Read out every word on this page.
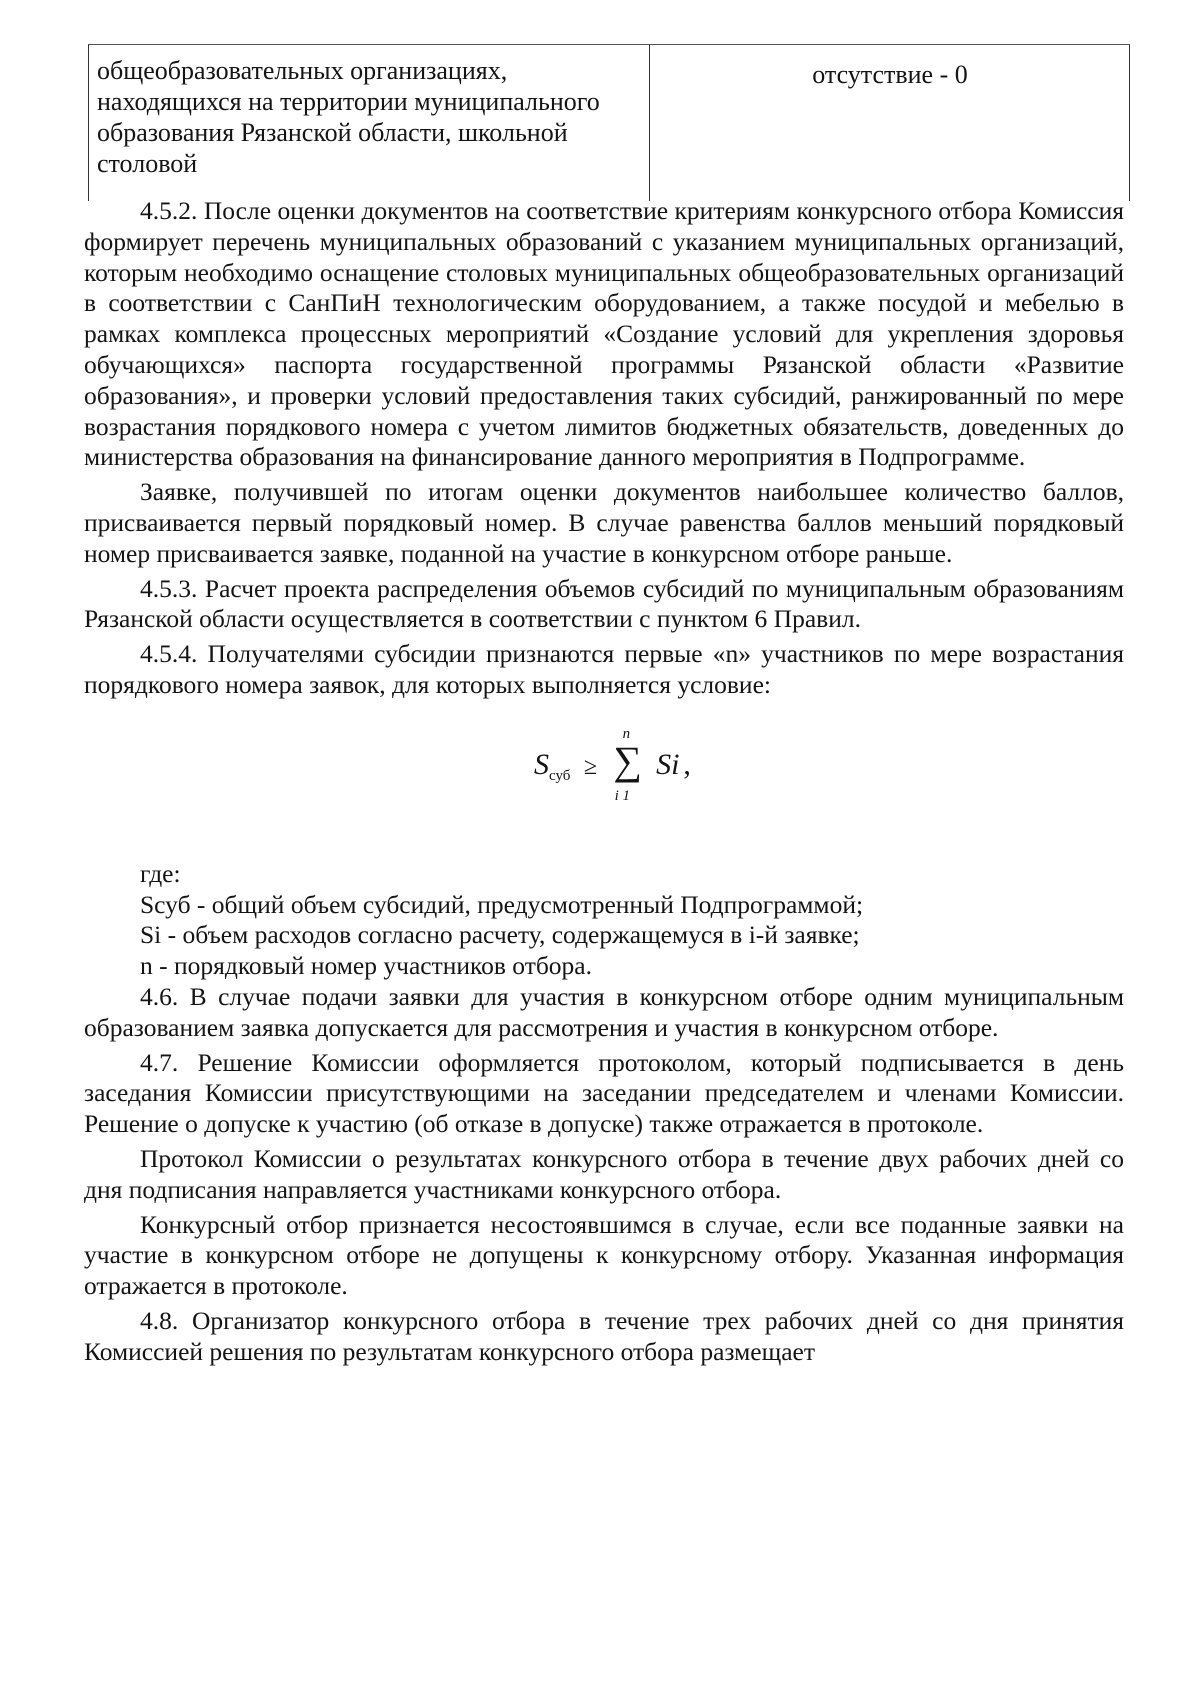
общеобразовательных организациях, находящихся на территории муниципального образования Рязанской области, школьной столовой
отсутствие - 0

4.5.2. После оценки документов на соответствие критериям конкурсного отбора Комиссия формирует перечень муниципальных образований с указанием муниципальных организаций, которым необходимо оснащение столовых муниципальных общеобразовательных организаций в соответствии с СанПиН технологическим оборудованием, а также посудой и мебелью в рамках комплекса процессных мероприятий «Создание условий для укрепления здоровья обучающихся» паспорта государственной программы Рязанской области «Развитие образования», и проверки условий предоставления таких субсидий, ранжированный по мере возрастания порядкового номера с учетом лимитов бюджетных обязательств, доведенных до министерства образования на финансирование данного мероприятия в Подпрограмме.

Заявке, получившей по итогам оценки документов наибольшее количество баллов, присваивается первый порядковый номер. В случае равенства баллов меньший порядковый номер присваивается заявке, поданной на участие в конкурсном отборе раньше.

4.5.3. Расчет проекта распределения объемов субсидий по муниципальным образованиям Рязанской области осуществляется в соответствии с пунктом 6 Правил.

4.5.4. Получателями субсидии признаются первые «n» участников по мере возрастания порядкового номера заявок, для которых выполняется условие:

$S_{суб}$ ≥
n
∑
i 1
Si ,

где:

Sсуб - общий объем субсидий, предусмотренный Подпрограммой;

Si - объем расходов согласно расчету, содержащемуся в i-й заявке;

n - порядковый номер участников отбора.

4.6. В случае подачи заявки для участия в конкурсном отборе одним муниципальным образованием заявка допускается для рассмотрения и участия в конкурсном отборе.

4.7. Решение Комиссии оформляется протоколом, который подписывается в день заседания Комиссии присутствующими на заседании председателем и членами Комиссии. Решение о допуске к участию (об отказе в допуске) также отражается в протоколе.

Протокол Комиссии о результатах конкурсного отбора в течение двух рабочих дней со дня подписания направляется участниками конкурсного отбора.

Конкурсный отбор признается несостоявшимся в случае, если все поданные заявки на участие в конкурсном отборе не допущены к конкурсному отбору. Указанная информация отражается в протоколе.

4.8. Организатор конкурсного отбора в течение трех рабочих дней со дня принятия Комиссией решения по результатам конкурсного отбора размещает
